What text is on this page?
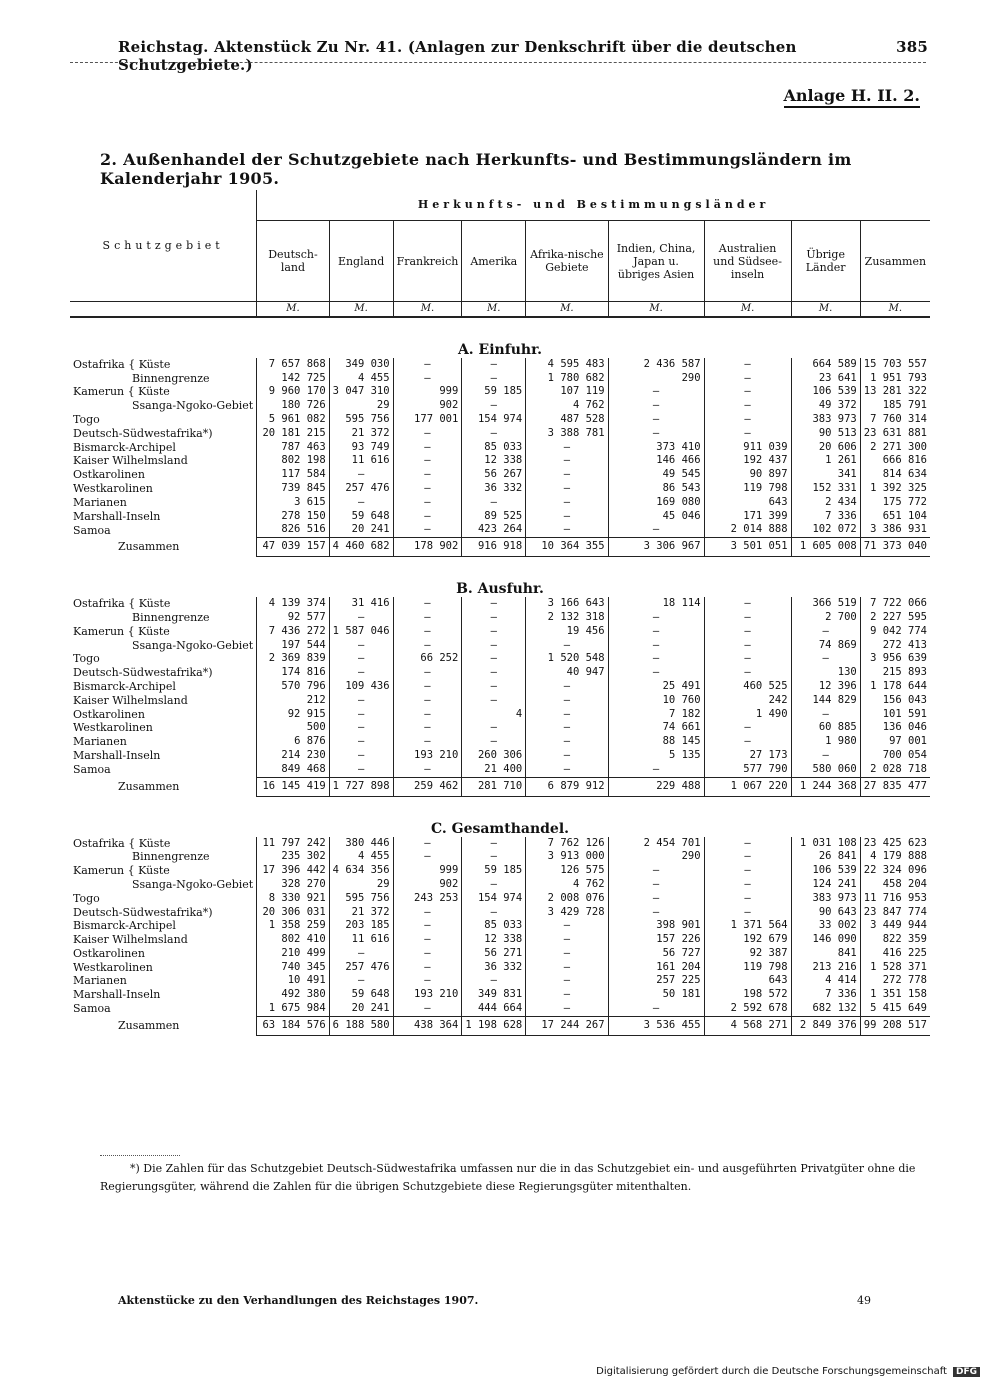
Reichstag. Aktenstück Zu Nr. 41. (Anlagen zur Denkschrift über die deutschen Schutzgebiete.)
385
Anlage H. II. 2.
2. Außenhandel der Schutzgebiete nach Herkunfts- und Bestimmungsländern im Kalenderjahr 1905.
Schutzgebiet	Herkunfts- und Bestimmungsländer								
	Deutsch-land	England	Frankreich	Amerika	Afrika-nische Gebiete	Indien, China, Japan u. übriges Asien	Australien und Südsee-inseln	Übrige Länder	Zusammen
	M.	M.	M.	M.	M.	M.	M.	M.	M.
A. Einfuhr.									
Ostafrika { Küste	7 657 868	349 030	—	—	4 595 483	2 436 587	—	664 589	15 703 557
Binnengrenze	142 725	4 455	—	—	1 780 682	290	—	23 641	1 951 793
Kamerun { Küste	9 960 170	3 047 310	999	59 185	107 119	—	—	106 539	13 281 322
Ssanga-Ngoko-Gebiet	180 726	29	902	—	4 762	—	—	49 372	185 791
Togo	5 961 082	595 756	177 001	154 974	487 528	—	—	383 973	7 760 314
Deutsch-Südwestafrika*)	20 181 215	21 372	—	—	3 388 781	—	—	90 513	23 631 881
Bismarck-Archipel	787 463	93 749	—	85 033	—	373 410	911 039	20 606	2 271 300
Kaiser Wilhelmsland	802 198	11 616	—	12 338	—	146 466	192 437	1 261	666 816
Ostkarolinen	117 584	—	—	56 267	—	49 545	90 897	341	814 634
Westkarolinen	739 845	257 476	—	36 332	—	86 543	119 798	152 331	1 392 325
Marianen	3 615	—	—	—	—	169 080	643	2 434	175 772
Marshall-Inseln	278 150	59 648	—	89 525	—	45 046	171 399	7 336	651 104
Samoa	826 516	20 241	—	423 264	—	—	2 014 888	102 072	3 386 931
Zusammen	47 039 157	4 460 682	178 902	916 918	10 364 355	3 306 967	3 501 051	1 605 008	71 373 040
B. Ausfuhr.									
Ostafrika { Küste	4 139 374	31 416	—	—	3 166 643	18 114	—	366 519	7 722 066
Binnengrenze	92 577	—	—	—	2 132 318	—	—	2 700	2 227 595
Kamerun { Küste	7 436 272	1 587 046	—	—	19 456	—	—	—	9 042 774
Ssanga-Ngoko-Gebiet	197 544	—	—	—	—	—	—	74 869	272 413
Togo	2 369 839	—	66 252	—	1 520 548	—	—	—	3 956 639
Deutsch-Südwestafrika*)	174 816	—	—	—	40 947	—	—	130	215 893
Bismarck-Archipel	570 796	109 436	—	—	—	25 491	460 525	12 396	1 178 644
Kaiser Wilhelmsland	212	—	—	—	—	10 760	242	144 829	156 043
Ostkarolinen	92 915	—	—	4	—	7 182	1 490	—	101 591
Westkarolinen	500	—	—	—	—	74 661	—	60 885	136 046
Marianen	6 876	—	—	—	—	88 145	—	1 980	97 001
Marshall-Inseln	214 230	—	193 210	260 306	—	5 135	27 173	—	700 054
Samoa	849 468	—	—	21 400	—	—	577 790	580 060	2 028 718
Zusammen	16 145 419	1 727 898	259 462	281 710	6 879 912	229 488	1 067 220	1 244 368	27 835 477
C. Gesamthandel.									
Ostafrika { Küste	11 797 242	380 446	—	—	7 762 126	2 454 701	—	1 031 108	23 425 623
Binnengrenze	235 302	4 455	—	—	3 913 000	290	—	26 841	4 179 888
Kamerun { Küste	17 396 442	4 634 356	999	59 185	126 575	—	—	106 539	22 324 096
Ssanga-Ngoko-Gebiet	328 270	29	902	—	4 762	—	—	124 241	458 204
Togo	8 330 921	595 756	243 253	154 974	2 008 076	—	—	383 973	11 716 953
Deutsch-Südwestafrika*)	20 306 031	21 372	—	—	3 429 728	—	—	90 643	23 847 774
Bismarck-Archipel	1 358 259	203 185	—	85 033	—	398 901	1 371 564	33 002	3 449 944
Kaiser Wilhelmsland	802 410	11 616	—	12 338	—	157 226	192 679	146 090	822 359
Ostkarolinen	210 499	—	—	56 271	—	56 727	92 387	841	416 225
Westkarolinen	740 345	257 476	—	36 332	—	161 204	119 798	213 216	1 528 371
Marianen	10 491	—	—	—	—	257 225	643	4 414	272 778
Marshall-Inseln	492 380	59 648	193 210	349 831	—	50 181	198 572	7 336	1 351 158
Samoa	1 675 984	20 241	—	444 664	—	—	2 592 678	682 132	5 415 649
Zusammen	63 184 576	6 188 580	438 364	1 198 628	17 244 267	3 536 455	4 568 271	2 849 376	99 208 517
*) Die Zahlen für das Schutzgebiet Deutsch-Südwestafrika umfassen nur die in das Schutzgebiet ein- und ausgeführten Privatgüter ohne die Regierungsgüter, während die Zahlen für die übrigen Schutzgebiete diese Regierungsgüter mitenthalten.
Aktenstücke zu den Verhandlungen des Reichstages 1907.	49
Digitalisierung gefördert durch die Deutsche Forschungsgemeinschaft	DFG
